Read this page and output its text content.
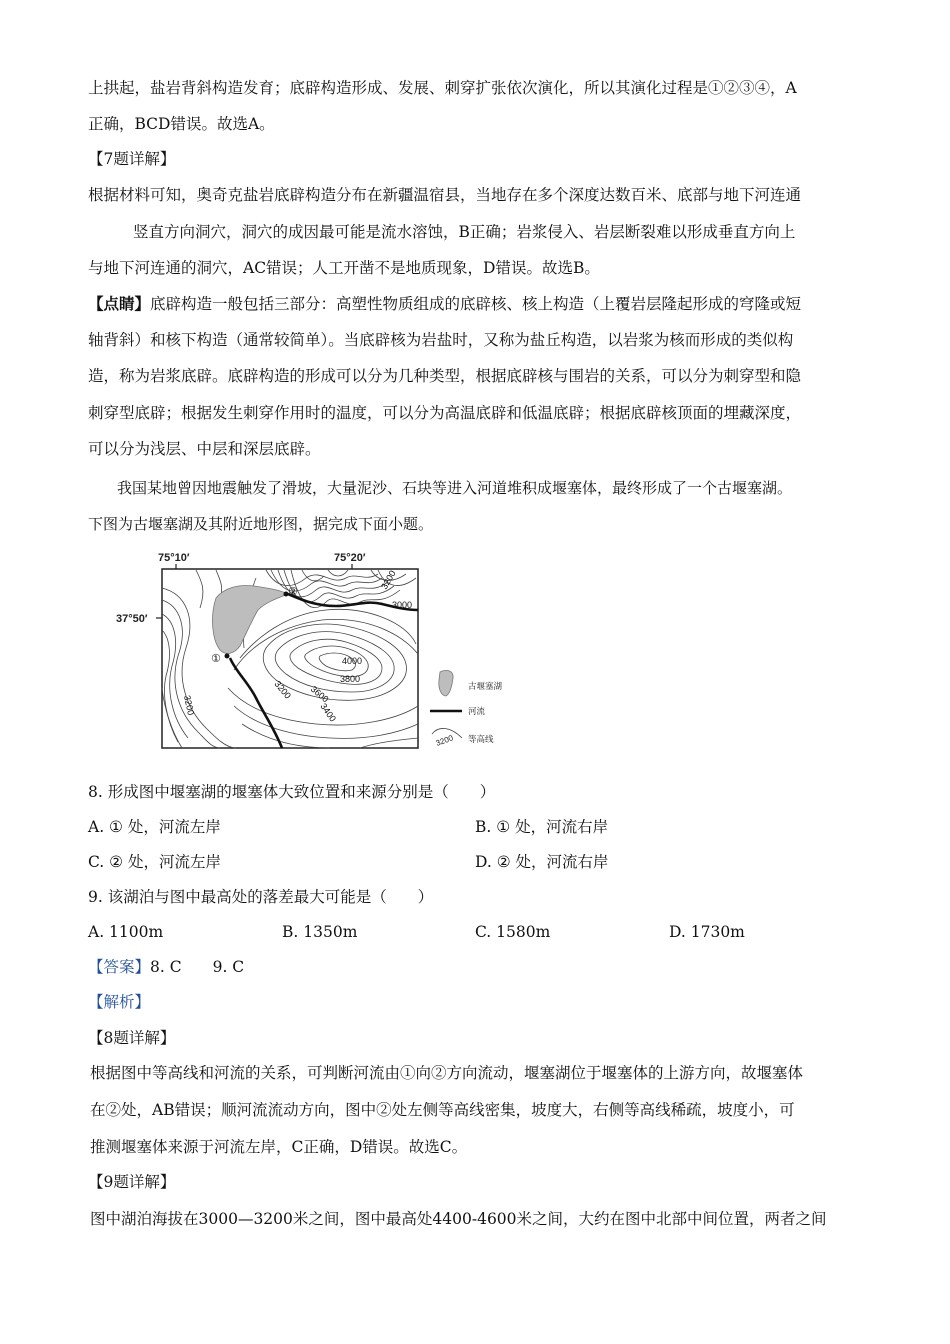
上拱起，盐岩背斜构造发育；底辟构造形成、发展、刺穿扩张依次演化，所以其演化过程是①②③④，A
正确，BCD错误。故选A。
【7题详解】
根据材料可知，奥奇克盐岩底辟构造分布在新疆温宿县，当地存在多个深度达数百米、底部与地下河连通
竖直方向洞穴，洞穴的成因最可能是流水溶蚀，B正确；岩浆侵入、岩层断裂难以形成垂直方向上
与地下河连通的洞穴，AC错误；人工开凿不是地质现象，D错误。故选B。
【点睛】底辟构造一般包括三部分：高塑性物质组成的底辟核、核上构造（上覆岩层隆起形成的穹隆或短
轴背斜）和核下构造（通常较简单）。当底辟核为岩盐时，又称为盐丘构造，以岩浆为核而形成的类似构
造，称为岩浆底辟。底辟构造的形成可以分为几种类型，根据底辟核与围岩的关系，可以分为刺穿型和隐
刺穿型底辟；根据发生刺穿作用时的温度，可以分为高温底辟和低温底辟；根据底辟核顶面的埋藏深度，
可以分为浅层、中层和深层底辟。
我国某地曾因地震触发了滑坡，大量泥沙、石块等进入河道堆积成堰塞体，最终形成了一个古堰塞湖。
下图为古堰塞湖及其附近地形图，据完成下面小题。
75°10′	75°20′
37°50′
①
②
3200
3000
4000
3800
3600
3400
3200
3200
古堰塞湖
河流
3200 等高线
8. 形成图中堰塞湖的堰塞体大致位置和来源分别是（　　）
A. ① 处，河流左岸	B. ① 处，河流右岸
C. ② 处，河流左岸	D. ② 处，河流右岸
9. 该湖泊与图中最高处的落差最大可能是（　　）
A. 1100m	B. 1350m	C. 1580m	D. 1730m
【答案】8. C　　9. C
【解析】
【8题详解】
根据图中等高线和河流的关系，可判断河流由①向②方向流动，堰塞湖位于堰塞体的上游方向，故堰塞体
在②处，AB错误；顺河流流动方向，图中②处左侧等高线密集，坡度大，右侧等高线稀疏，坡度小，可
推测堰塞体来源于河流左岸，C正确，D错误。故选C。
【9题详解】
图中湖泊海拔在3000—3200米之间，图中最高处4400-4600米之间，大约在图中北部中间位置，两者之间
